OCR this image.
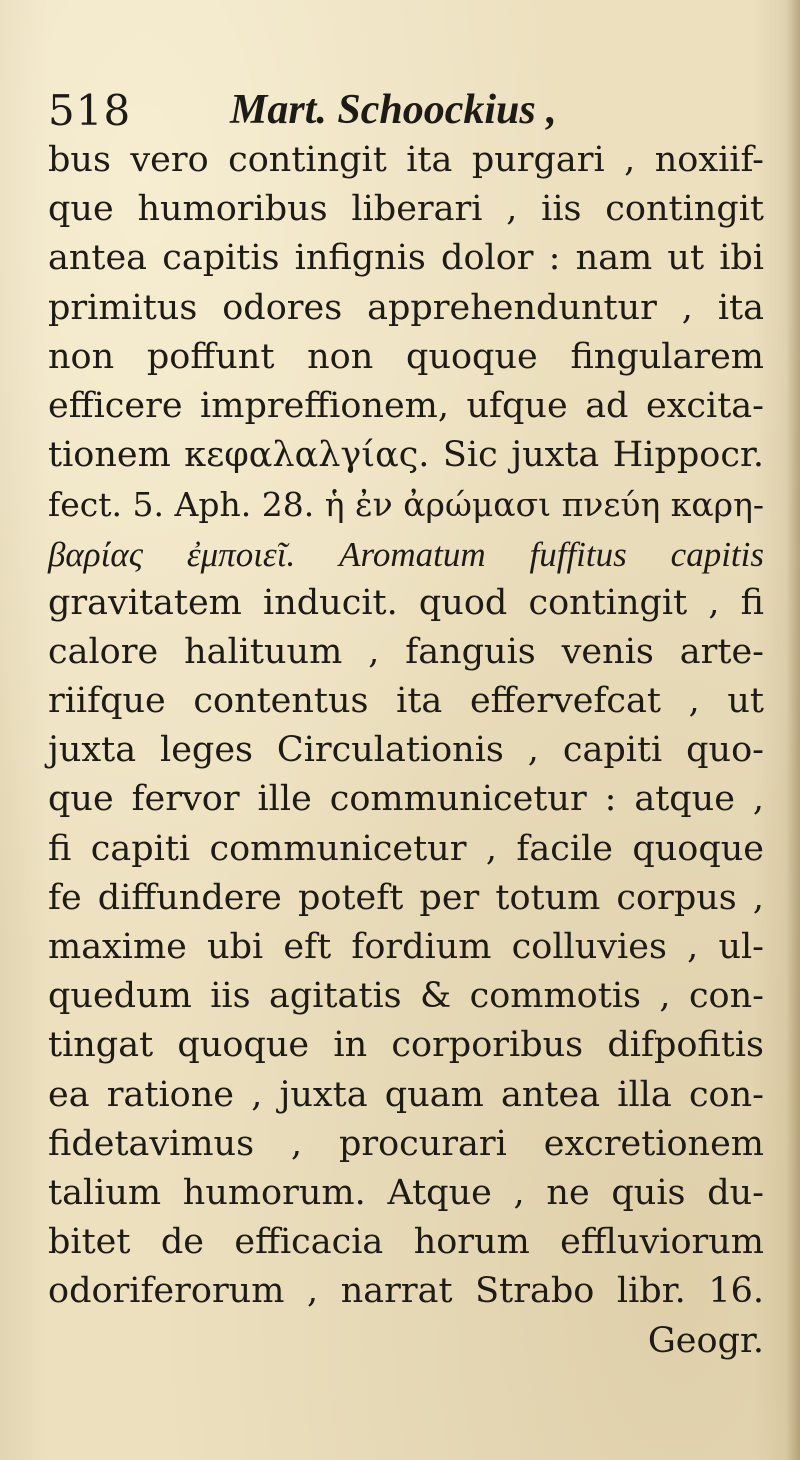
518 Mart. Schoockius ,
bus vero contingit ita purgari , noxiif-
que humoribus liberari , iis contingit
antea capitis infignis dolor : nam ut ibi
primitus odores apprehenduntur , ita
non poffunt non quoque fingularem
efficere impreffionem, ufque ad excita-
tionem κεφαλαλγίας. Sic juxta Hippocr.
fect. 5. Aph. 28. ἡ ἐν ἀρώμασι πνεύη καρη-
βαρίας ἐμποιεῖ. Aromatum fuffitus capitis
gravitatem inducit. quod contingit , fi
calore halituum , fanguis venis arte-
riifque contentus ita effervefcat , ut
juxta leges Circulationis , capiti quo-
que fervor ille communicetur : atque ,
fi capiti communicetur , facile quoque
fe diffundere poteft per totum corpus ,
maxime ubi eft fordium colluvies , ul-
quedum iis agitatis & commotis , con-
tingat quoque in corporibus difpofitis
ea ratione , juxta quam antea illa con-
fidetavimus , procurari excretionem
talium humorum. Atque , ne quis du-
bitet de efficacia horum effluviorum
odoriferorum , narrat Strabo libr. 16.
Geogr.
